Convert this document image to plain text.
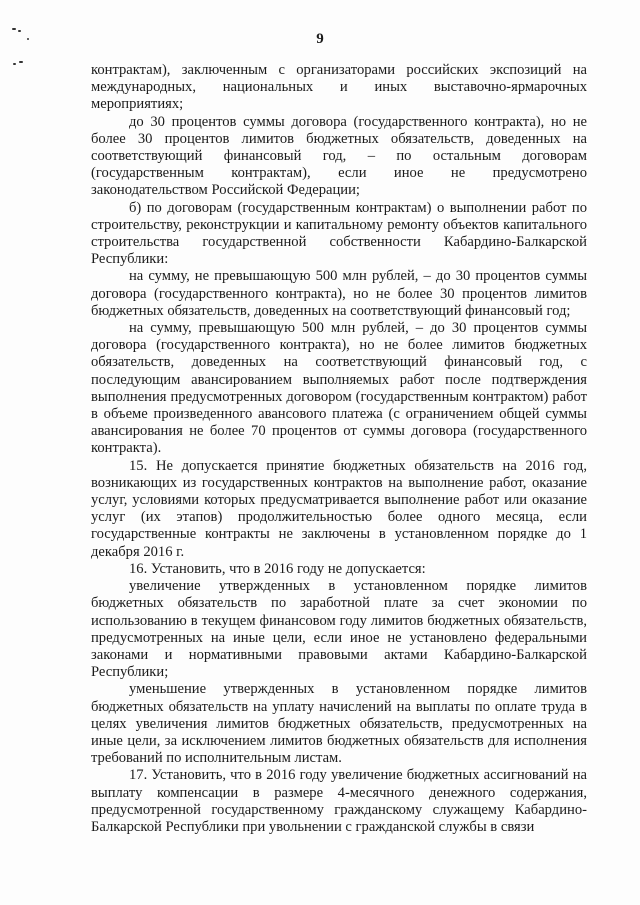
9

контрактам), заключенным с организаторами российских экспозиций на международных, национальных и иных выставочно-ярмарочных мероприятиях;

до 30 процентов суммы договора (государственного контракта), но не более 30 процентов лимитов бюджетных обязательств, доведенных на соответствующий финансовый год, – по остальным договорам (государственным контрактам), если иное не предусмотрено законодательством Российской Федерации;

б) по договорам (государственным контрактам) о выполнении работ по строительству, реконструкции и капитальному ремонту объектов капитального строительства государственной собственности Кабардино-Балкарской Республики:

на сумму, не превышающую 500 млн рублей, – до 30 процентов суммы договора (государственного контракта), но не более 30 процентов лимитов бюджетных обязательств, доведенных на соответствующий финансовый год;

на сумму, превышающую 500 млн рублей, – до 30 процентов суммы договора (государственного контракта), но не более лимитов бюджетных обязательств, доведенных на соответствующий финансовый год, с последующим авансированием выполняемых работ после подтверждения выполнения предусмотренных договором (государственным контрактом) работ в объеме произведенного авансового платежа (с ограничением общей суммы авансирования не более 70 процентов от суммы договора (государственного контракта).

15. Не допускается принятие бюджетных обязательств на 2016 год, возникающих из государственных контрактов на выполнение работ, оказание услуг, условиями которых предусматривается выполнение работ или оказание услуг (их этапов) продолжительностью более одного месяца, если государственные контракты не заключены в установленном порядке до 1 декабря 2016 г.

16. Установить, что в 2016 году не допускается:

увеличение утвержденных в установленном порядке лимитов бюджетных обязательств по заработной плате за счет экономии по использованию в текущем финансовом году лимитов бюджетных обязательств, предусмотренных на иные цели, если иное не установлено федеральными законами и нормативными правовыми актами Кабардино-Балкарской Республики;

уменьшение утвержденных в установленном порядке лимитов бюджетных обязательств на уплату начислений на выплаты по оплате труда в целях увеличения лимитов бюджетных обязательств, предусмотренных на иные цели, за исключением лимитов бюджетных обязательств для исполнения требований по исполнительным листам.

17. Установить, что в 2016 году увеличение бюджетных ассигнований на выплату компенсации в размере 4-месячного денежного содержания, предусмотренной государственному гражданскому служащему Кабардино-Балкарской Республики при увольнении с гражданской службы в связи
